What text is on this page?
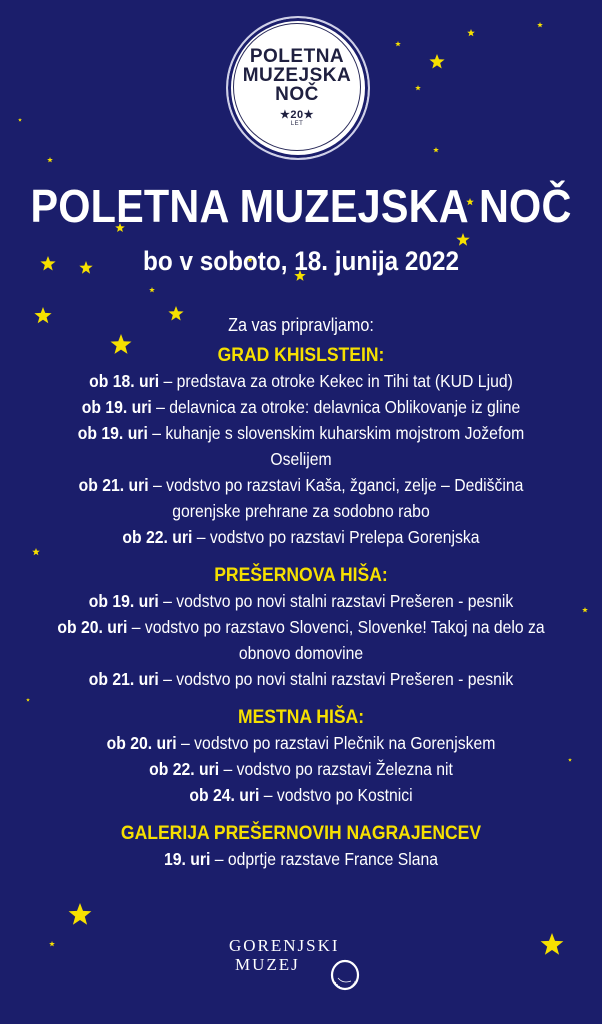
POLETNA
MUZEJSKA
NOČ
★20★
LET
POLETNA MUZEJSKA NOČ
bo v soboto, 18. junija 2022
Za vas pripravljamo:
GRAD KHISLSTEIN:
ob 18. uri – predstava za otroke Kekec in Tihi tat (KUD Ljud)
ob 19. uri – delavnica za otroke: delavnica Oblikovanje iz gline
ob 19. uri – kuhanje s slovenskim kuharskim mojstrom Jožefom Oselijem
ob 21. uri – vodstvo po razstavi Kaša, žganci, zelje – Dediščina gorenjske prehrane za sodobno rabo
ob 22. uri – vodstvo po razstavi Prelepa Gorenjska
PREŠERNOVA HIŠA:
ob 19. uri – vodstvo po novi stalni razstavi Prešeren - pesnik
ob 20. uri – vodstvo po razstavo Slovenci, Slovenke! Takoj na delo za obnovo domovine
ob 21. uri – vodstvo po novi stalni razstavi Prešeren - pesnik
MESTNA HIŠA:
ob 20. uri – vodstvo po razstavi Plečnik na Gorenjskem
ob 22. uri – vodstvo po razstavi Železna nit
ob 24. uri – vodstvo po Kostnici
GALERIJA PREŠERNOVIH NAGRAJENCEV
19. uri – odprtje razstave France Slana
GORENJSKI
MUZEJ
